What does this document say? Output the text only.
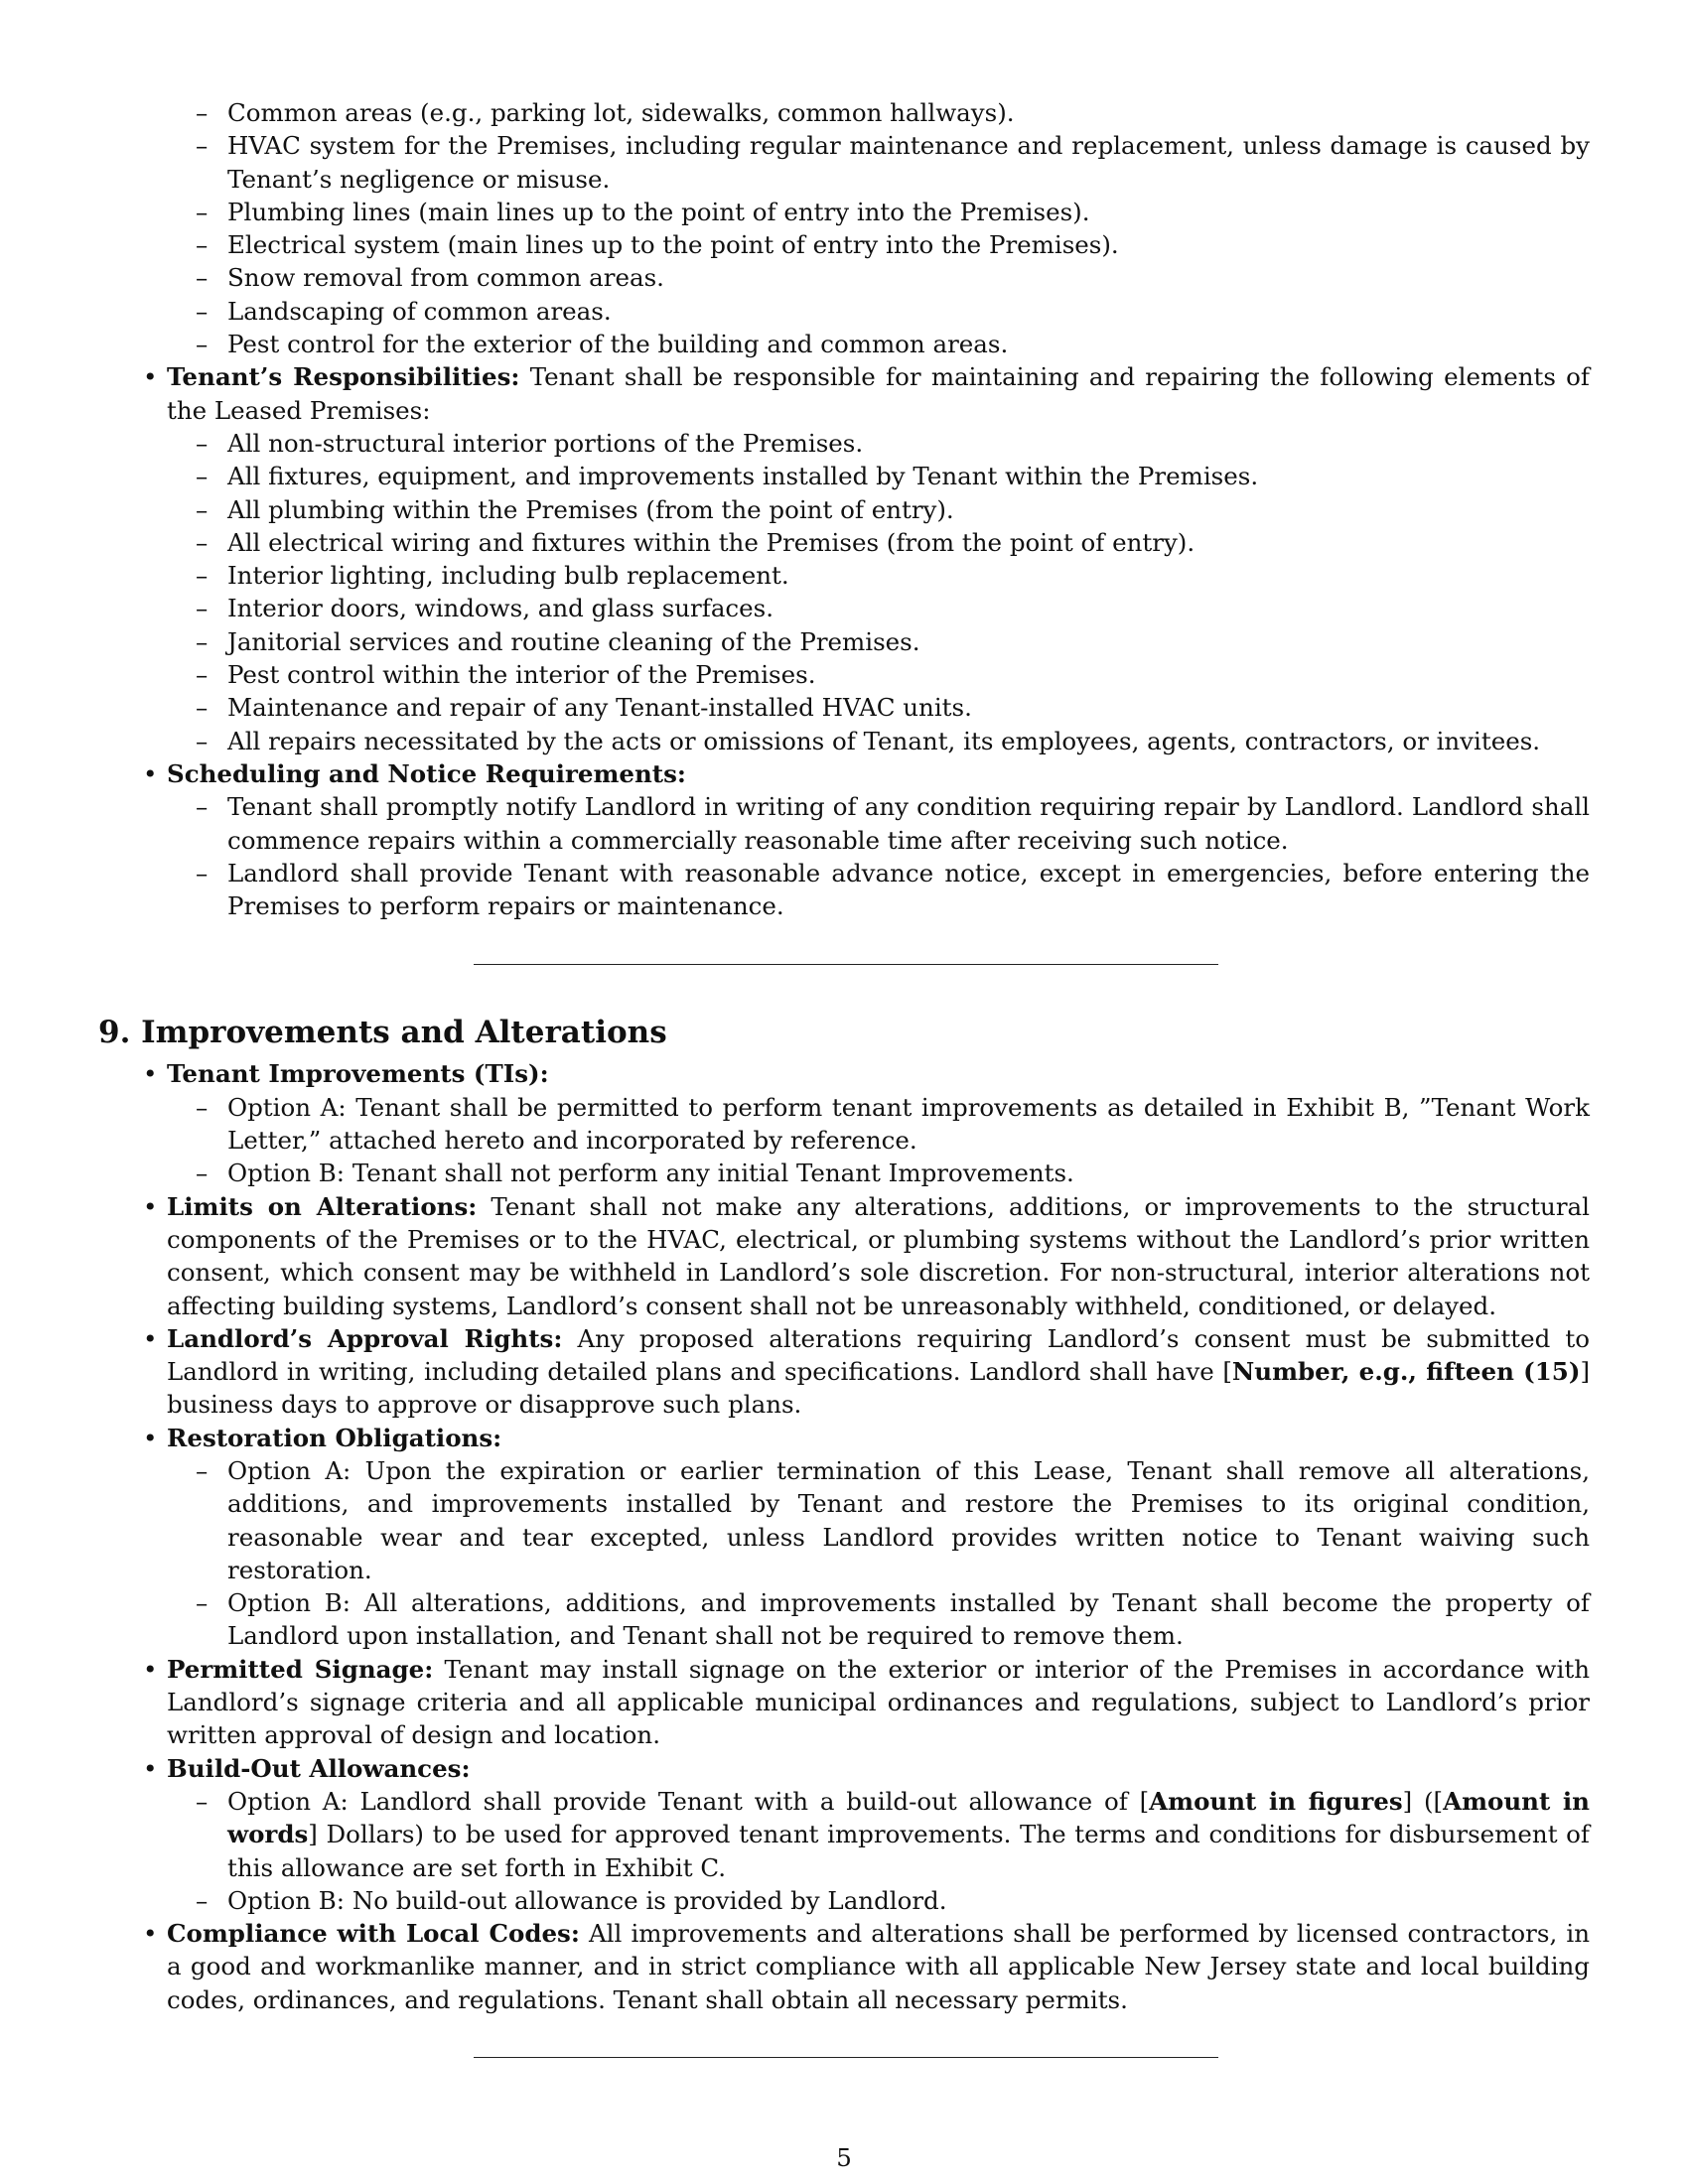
– Common areas (e.g., parking lot, sidewalks, common hallways).
– HVAC system for the Premises, including regular maintenance and replacement, unless damage is caused by Tenant’s negligence or misuse.
– Plumbing lines (main lines up to the point of entry into the Premises).
– Electrical system (main lines up to the point of entry into the Premises).
– Snow removal from common areas.
– Landscaping of common areas.
– Pest control for the exterior of the building and common areas.
• Tenant’s Responsibilities: Tenant shall be responsible for maintaining and repairing the following elements of the Leased Premises:
– All non-structural interior portions of the Premises.
– All fixtures, equipment, and improvements installed by Tenant within the Premises.
– All plumbing within the Premises (from the point of entry).
– All electrical wiring and fixtures within the Premises (from the point of entry).
– Interior lighting, including bulb replacement.
– Interior doors, windows, and glass surfaces.
– Janitorial services and routine cleaning of the Premises.
– Pest control within the interior of the Premises.
– Maintenance and repair of any Tenant-installed HVAC units.
– All repairs necessitated by the acts or omissions of Tenant, its employees, agents, contractors, or invitees.
• Scheduling and Notice Requirements:
– Tenant shall promptly notify Landlord in writing of any condition requiring repair by Landlord. Landlord shall commence repairs within a commercially reasonable time after receiving such notice.
– Landlord shall provide Tenant with reasonable advance notice, except in emergencies, before entering the Premises to perform repairs or maintenance.
9. Improvements and Alterations
• Tenant Improvements (TIs):
– Option A: Tenant shall be permitted to perform tenant improvements as detailed in Exhibit B, ”Tenant Work Letter,” attached hereto and incorporated by reference.
– Option B: Tenant shall not perform any initial Tenant Improvements.
• Limits on Alterations: Tenant shall not make any alterations, additions, or improvements to the structural components of the Premises or to the HVAC, electrical, or plumbing systems without the Landlord’s prior written consent, which consent may be withheld in Landlord’s sole discretion. For non-structural, interior alterations not affecting building systems, Landlord’s consent shall not be unreasonably withheld, conditioned, or delayed.
• Landlord’s Approval Rights: Any proposed alterations requiring Landlord’s consent must be submitted to Landlord in writing, including detailed plans and specifications. Landlord shall have [Number, e.g., fifteen (15)] business days to approve or disapprove such plans.
• Restoration Obligations:
– Option A: Upon the expiration or earlier termination of this Lease, Tenant shall remove all alterations, additions, and improvements installed by Tenant and restore the Premises to its original condition, reasonable wear and tear excepted, unless Landlord provides written notice to Tenant waiving such restoration.
– Option B: All alterations, additions, and improvements installed by Tenant shall become the property of Landlord upon installation, and Tenant shall not be required to remove them.
• Permitted Signage: Tenant may install signage on the exterior or interior of the Premises in accordance with Landlord’s signage criteria and all applicable municipal ordinances and regulations, subject to Landlord’s prior written approval of design and location.
• Build-Out Allowances:
– Option A: Landlord shall provide Tenant with a build-out allowance of [Amount in figures] ([Amount in words] Dollars) to be used for approved tenant improvements. The terms and conditions for disbursement of this allowance are set forth in Exhibit C.
– Option B: No build-out allowance is provided by Landlord.
• Compliance with Local Codes: All improvements and alterations shall be performed by licensed contractors, in a good and workmanlike manner, and in strict compliance with all applicable New Jersey state and local building codes, ordinances, and regulations. Tenant shall obtain all necessary permits.
5
